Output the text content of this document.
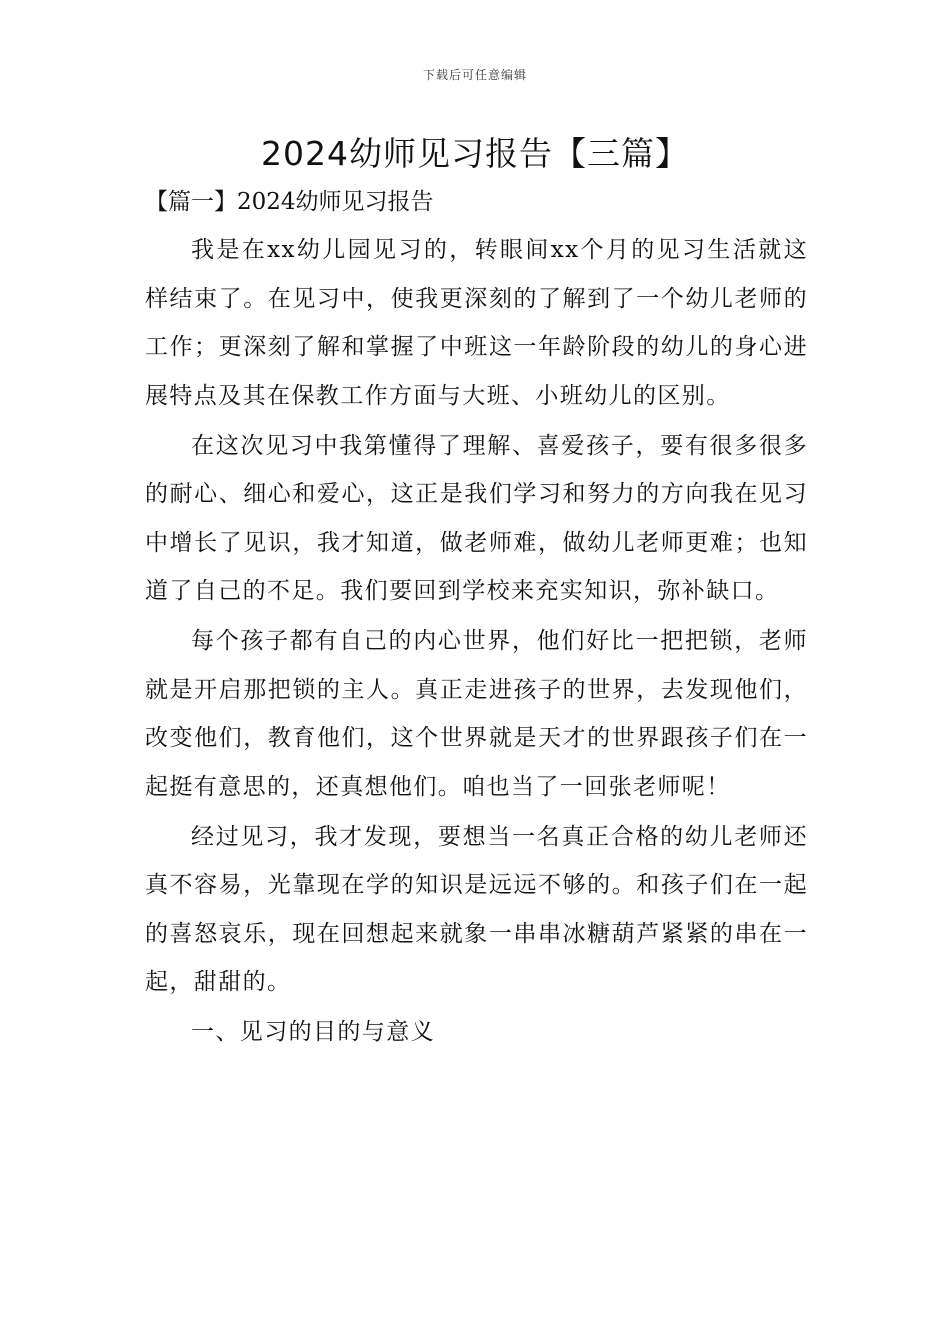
下载后可任意编辑
2024幼师见习报告【三篇】
【篇一】2024幼师见习报告

我是在xx幼儿园见习的，转眼间xx个月的见习生活就这样结束了。在见习中，使我更深刻的了解到了一个幼儿老师的工作；更深刻了解和掌握了中班这一年龄阶段的幼儿的身心进展特点及其在保教工作方面与大班、小班幼儿的区别。

在这次见习中我第懂得了理解、喜爱孩子，要有很多很多的耐心、细心和爱心，这正是我们学习和努力的方向我在见习中增长了见识，我才知道，做老师难，做幼儿老师更难；也知道了自己的不足。我们要回到学校来充实知识，弥补缺口。

每个孩子都有自己的内心世界，他们好比一把把锁，老师就是开启那把锁的主人。真正走进孩子的世界，去发现他们，改变他们，教育他们，这个世界就是天才的世界跟孩子们在一起挺有意思的，还真想他们。咱也当了一回张老师呢！

经过见习，我才发现，要想当一名真正合格的幼儿老师还真不容易，光靠现在学的知识是远远不够的。和孩子们在一起的喜怒哀乐，现在回想起来就象一串串冰糖葫芦紧紧的串在一起，甜甜的。

一、见习的目的与意义
